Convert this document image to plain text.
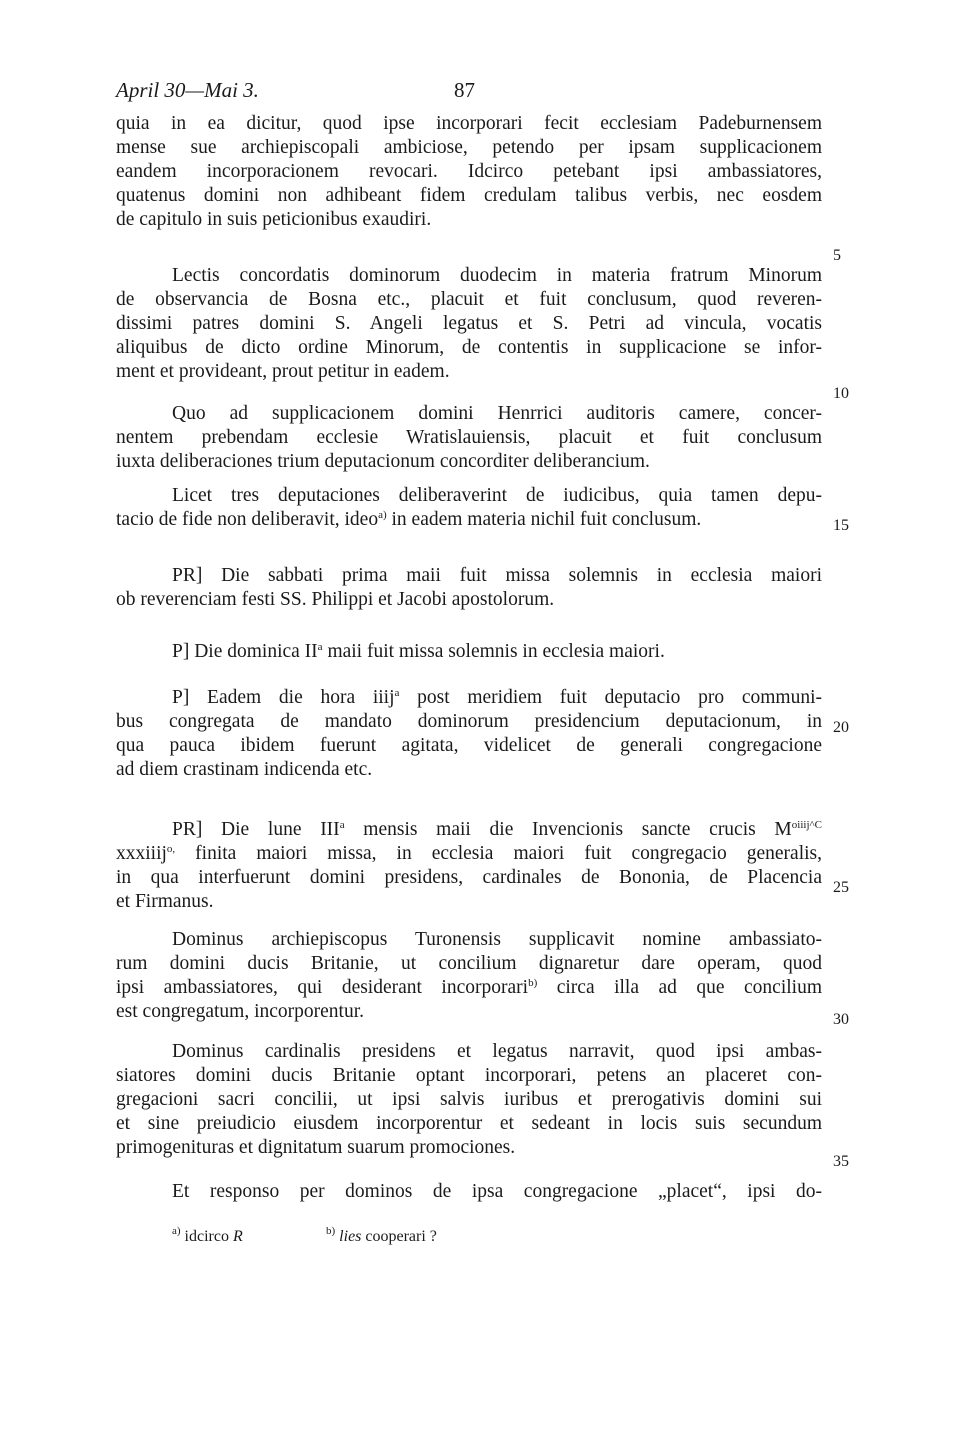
April 30—Mai 3.	87
quia in ea dicitur, quod ipse incorporari fecit ecclesiam Padeburnensem
mense sue archiepiscopali ambiciose, petendo per ipsam supplicacionem
eandem incorporacionem revocari. Idcirco petebant ipsi ambassiatores,
quatenus domini non adhibeant fidem credulam talibus verbis, nec eosdem
de capitulo in suis peticionibus exaudiri.
Lectis concordatis dominorum duodecim in materia fratrum Minorum
de observancia de Bosna etc., placuit et fuit conclusum, quod reveren-
dissimi patres domini S. Angeli legatus et S. Petri ad vincula, vocatis
aliquibus de dicto ordine Minorum, de contentis in supplicacione se infor-
ment et provideant, prout petitur in eadem.
Quo ad supplicacionem domini Henrrici auditoris camere, concer-
nentem prebendam ecclesie Wratislauiensis, placuit et fuit conclusum
iuxta deliberaciones trium deputacionum concorditer deliberancium.
Licet tres deputaciones deliberaverint de iudicibus, quia tamen depu-
tacio de fide non deliberavit, ideo$^{a)}$ in eadem materia nichil fuit conclusum.
PR] Die sabbati prima maii fuit missa solemnis in ecclesia maiori
ob reverenciam festi SS. Philippi et Jacobi apostolorum.
P] Die dominica $II^a$ maii fuit missa solemnis in ecclesia maiori.
P] Eadem die hora iiij$^a$ post meridiem fuit deputacio pro communi-
bus congregata de mandato dominorum presidencium deputacionum, in
qua pauca ibidem fuerunt agitata, videlicet de generali congregacione
ad diem crastinam indicenda etc.
PR] Die lune III$^a$ mensis maii die Invencionis sancte crucis $M^{oiiij\^{}C}$
xxxiiij$^{o,}$ finita maiori missa, in ecclesia maiori fuit congregacio generalis,
in qua interfuerunt domini presidens, cardinales de Bononia, de Placencia
et Firmanus.
Dominus archiepiscopus Turonensis supplicavit nomine ambassiato-
rum domini ducis Britanie, ut concilium dignaretur dare operam, quod
ipsi ambassiatores, qui desiderant incorporari$^{b)}$ circa illa ad que concilium
est congregatum, incorporentur.
Dominus cardinalis presidens et legatus narravit, quod ipsi ambas-
siatores domini ducis Britanie optant incorporari, petens an placeret con-
gregacioni sacri concilii, ut ipsi salvis iuribus et prerogativis domini sui
et sine preiudicio eiusdem incorporentur et sedeant in locis suis secundum
primogenituras et dignitatum suarum promociones.
Et responso per dominos de ipsa congregacione „placet“, ipsi do-
5
10
15
20
25
30
35
$^{a)}$ idcirco R	$^{b)}$ lies cooperari ?
